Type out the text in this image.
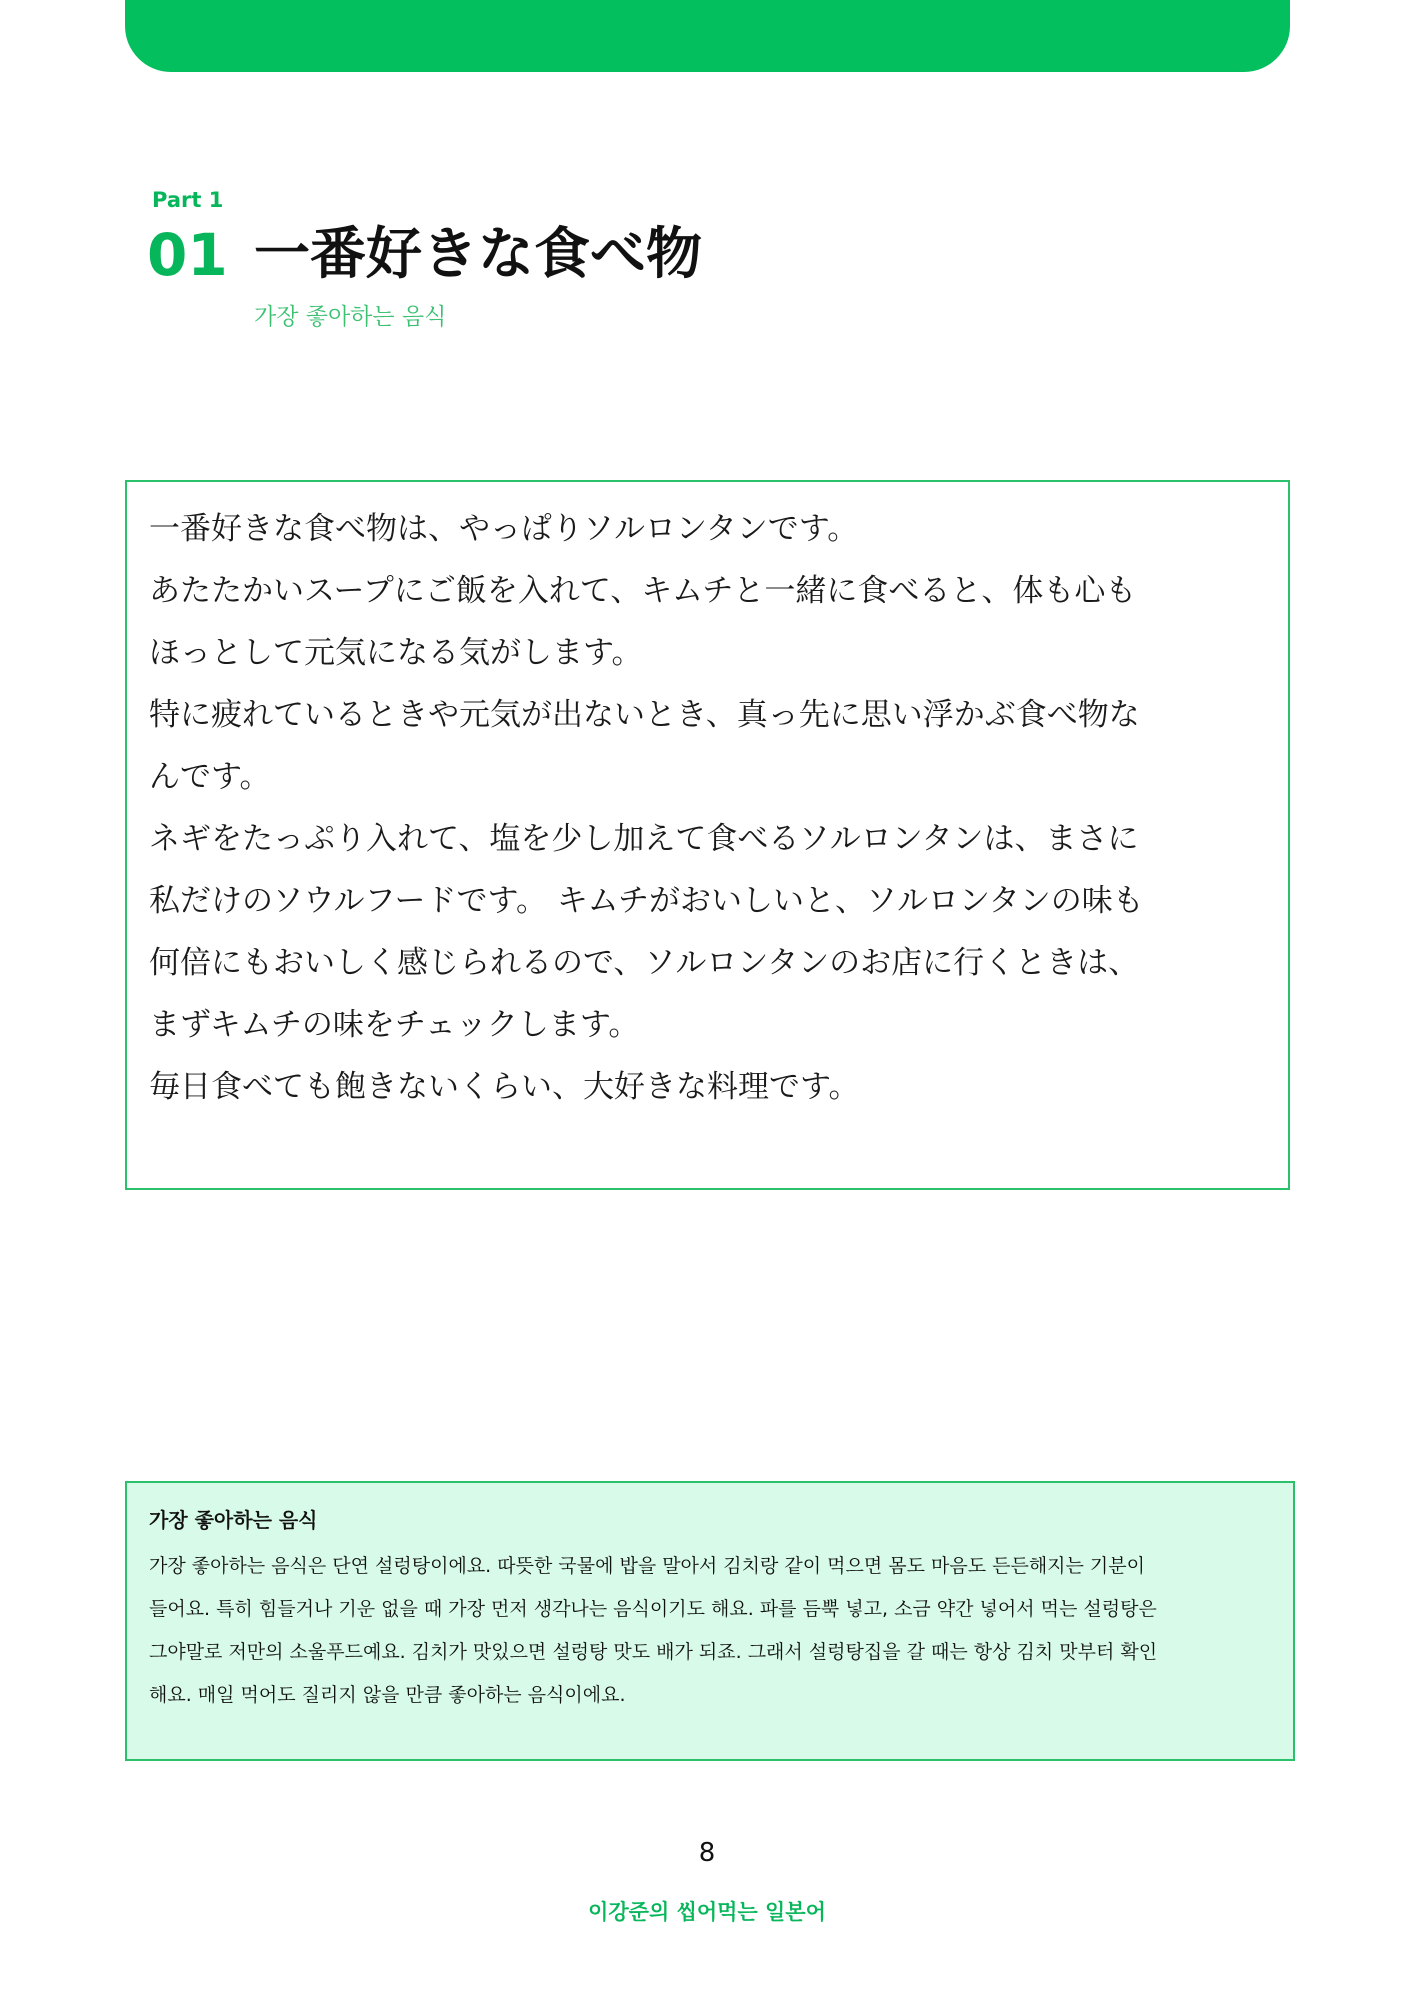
Part 1
01 一番好きな食べ物
가장 좋아하는 음식
一番好きな食べ物は、やっぱりソルロンタンです。
あたたかいスープにご飯を入れて、キムチと一緒に食べると、体も心も
ほっとして元気になる気がします。
特に疲れているときや元気が出ないとき、真っ先に思い浮かぶ食べ物な
んです。
ネギをたっぷり入れて、塩を少し加えて食べるソルロンタンは、まさに
私だけのソウルフードです。 キムチがおいしいと、ソルロンタンの味も
何倍にもおいしく感じられるので、ソルロンタンのお店に行くときは、
まずキムチの味をチェックします。
毎日食べても飽きないくらい、大好きな料理です。
가장 좋아하는 음식
가장 좋아하는 음식은 단연 설렁탕이에요. 따뜻한 국물에 밥을 말아서 김치랑 같이 먹으면 몸도 마음도 든든해지는 기분이
들어요. 특히 힘들거나 기운 없을 때 가장 먼저 생각나는 음식이기도 해요. 파를 듬뿍 넣고, 소금 약간 넣어서 먹는 설렁탕은
그야말로 저만의 소울푸드예요. 김치가 맛있으면 설렁탕 맛도 배가 되죠. 그래서 설렁탕집을 갈 때는 항상 김치 맛부터 확인
해요. 매일 먹어도 질리지 않을 만큼 좋아하는 음식이에요.
8
이강준의 씹어먹는 일본어
